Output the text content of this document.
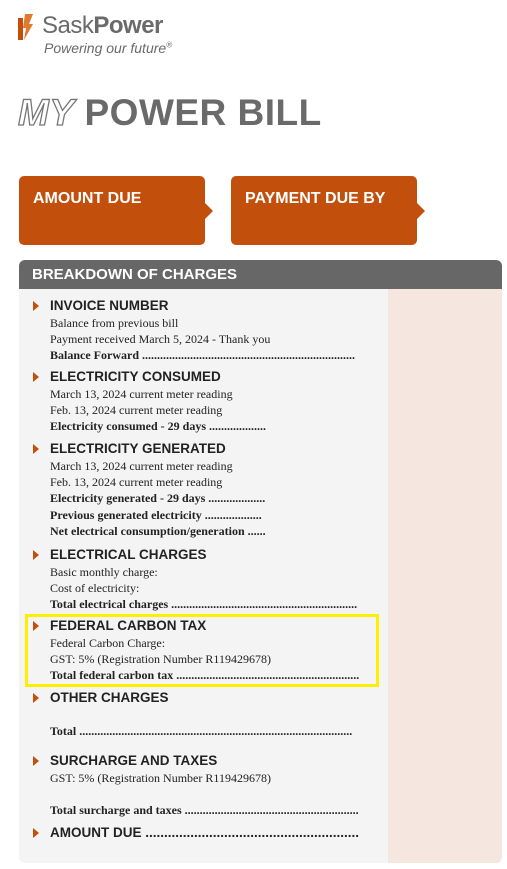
SaskPower
Powering our future®
MY POWER BILL
AMOUNT DUE	PAYMENT DUE BY
BREAKDOWN OF CHARGES
INVOICE NUMBER
Balance from previous bill
Payment received March 5, 2024 - Thank you
Balance Forward .......................................................................
ELECTRICITY CONSUMED
March 13, 2024 current meter reading
Feb. 13, 2024 current meter reading
Electricity consumed - 29 days ...................
ELECTRICITY GENERATED
March 13, 2024 current meter reading
Feb. 13, 2024 current meter reading
Electricity generated - 29 days ...................
Previous generated electricity ...................
Net electrical consumption/generation ......
ELECTRICAL CHARGES
Basic monthly charge:
Cost of electricity:
Total electrical charges ..............................................................
FEDERAL CARBON TAX
Federal Carbon Charge:
GST: 5% (Registration Number R119429678)
Total federal carbon tax .............................................................
OTHER CHARGES
Total ...........................................................................................
SURCHARGE AND TAXES
GST: 5% (Registration Number R119429678)
Total surcharge and taxes ..........................................................
AMOUNT DUE .........................................................
